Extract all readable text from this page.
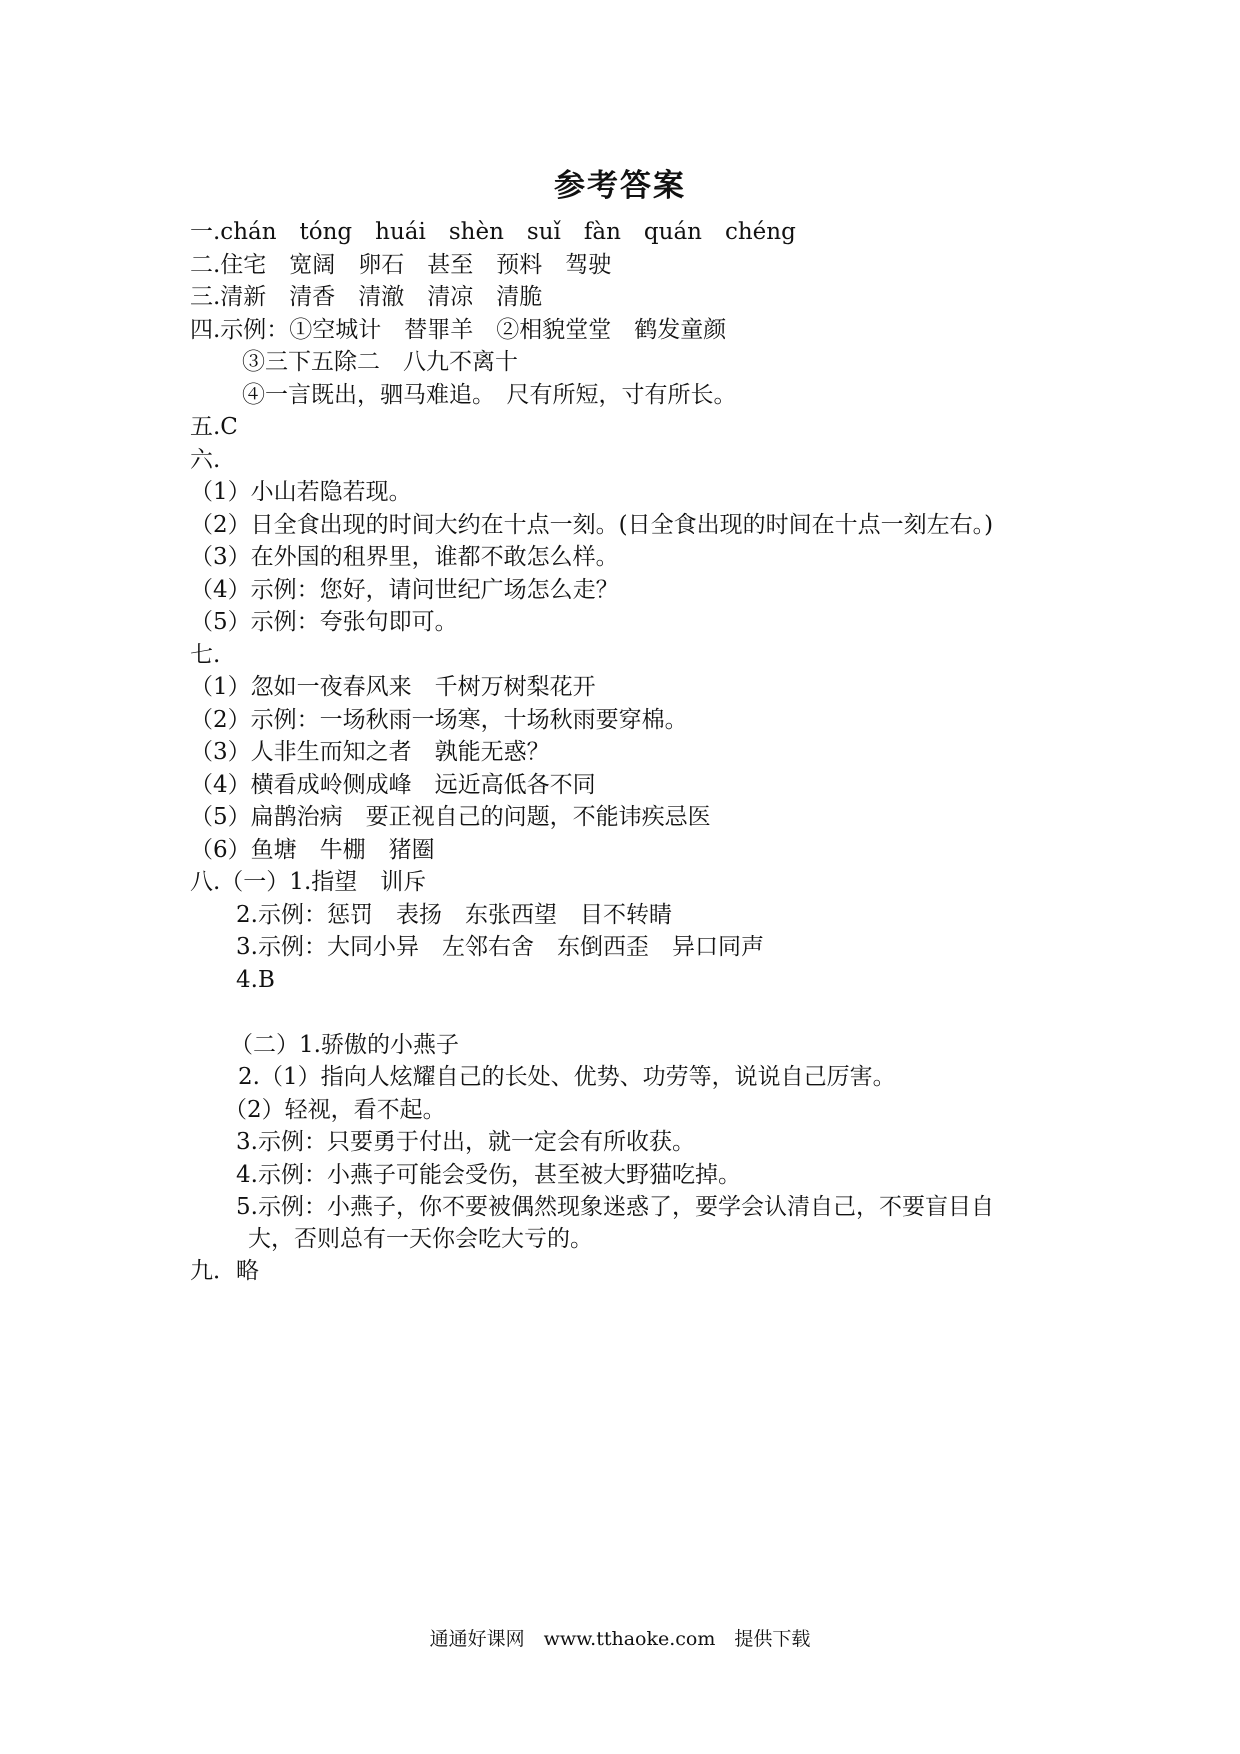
参考答案
一.chán　tóng　huái　shèn　suǐ　fàn　quán　chéng
二.住宅　宽阔　卵石　甚至　预料　驾驶
三.清新　清香　清澈　清凉　清脆
四.示例：①空城计　替罪羊　②相貌堂堂　鹤发童颜
③三下五除二　八九不离十
④一言既出，驷马难追。　尺有所短，寸有所长。
五.C
六.
（1）小山若隐若现。
（2）日全食出现的时间大约在十点一刻。(日全食出现的时间在十点一刻左右。)
（3）在外国的租界里，谁都不敢怎么样。
（4）示例：您好，请问世纪广场怎么走？
（5）示例：夸张句即可。
七.
（1）忽如一夜春风来　千树万树梨花开
（2）示例：一场秋雨一场寒，十场秋雨要穿棉。
（3）人非生而知之者　孰能无惑？
（4）横看成岭侧成峰　远近高低各不同
（5）扁鹊治病　要正视自己的问题，不能讳疾忌医
（6）鱼塘　牛棚　猪圈
八.（一）1.指望　训斥
2.示例：惩罚　表扬　东张西望　目不转睛
3.示例：大同小异　左邻右舍　东倒西歪　异口同声
4.B
（二）1.骄傲的小燕子
2.（1）指向人炫耀自己的长处、优势、功劳等，说说自己厉害。
（2）轻视，看不起。
3.示例：只要勇于付出，就一定会有所收获。
4.示例：小燕子可能会受伤，甚至被大野猫吃掉。
5.示例：小燕子，你不要被偶然现象迷惑了，要学会认清自己，不要盲目自
大，否则总有一天你会吃大亏的。
九．略
通通好课网　www.tthaoke.com　提供下载
